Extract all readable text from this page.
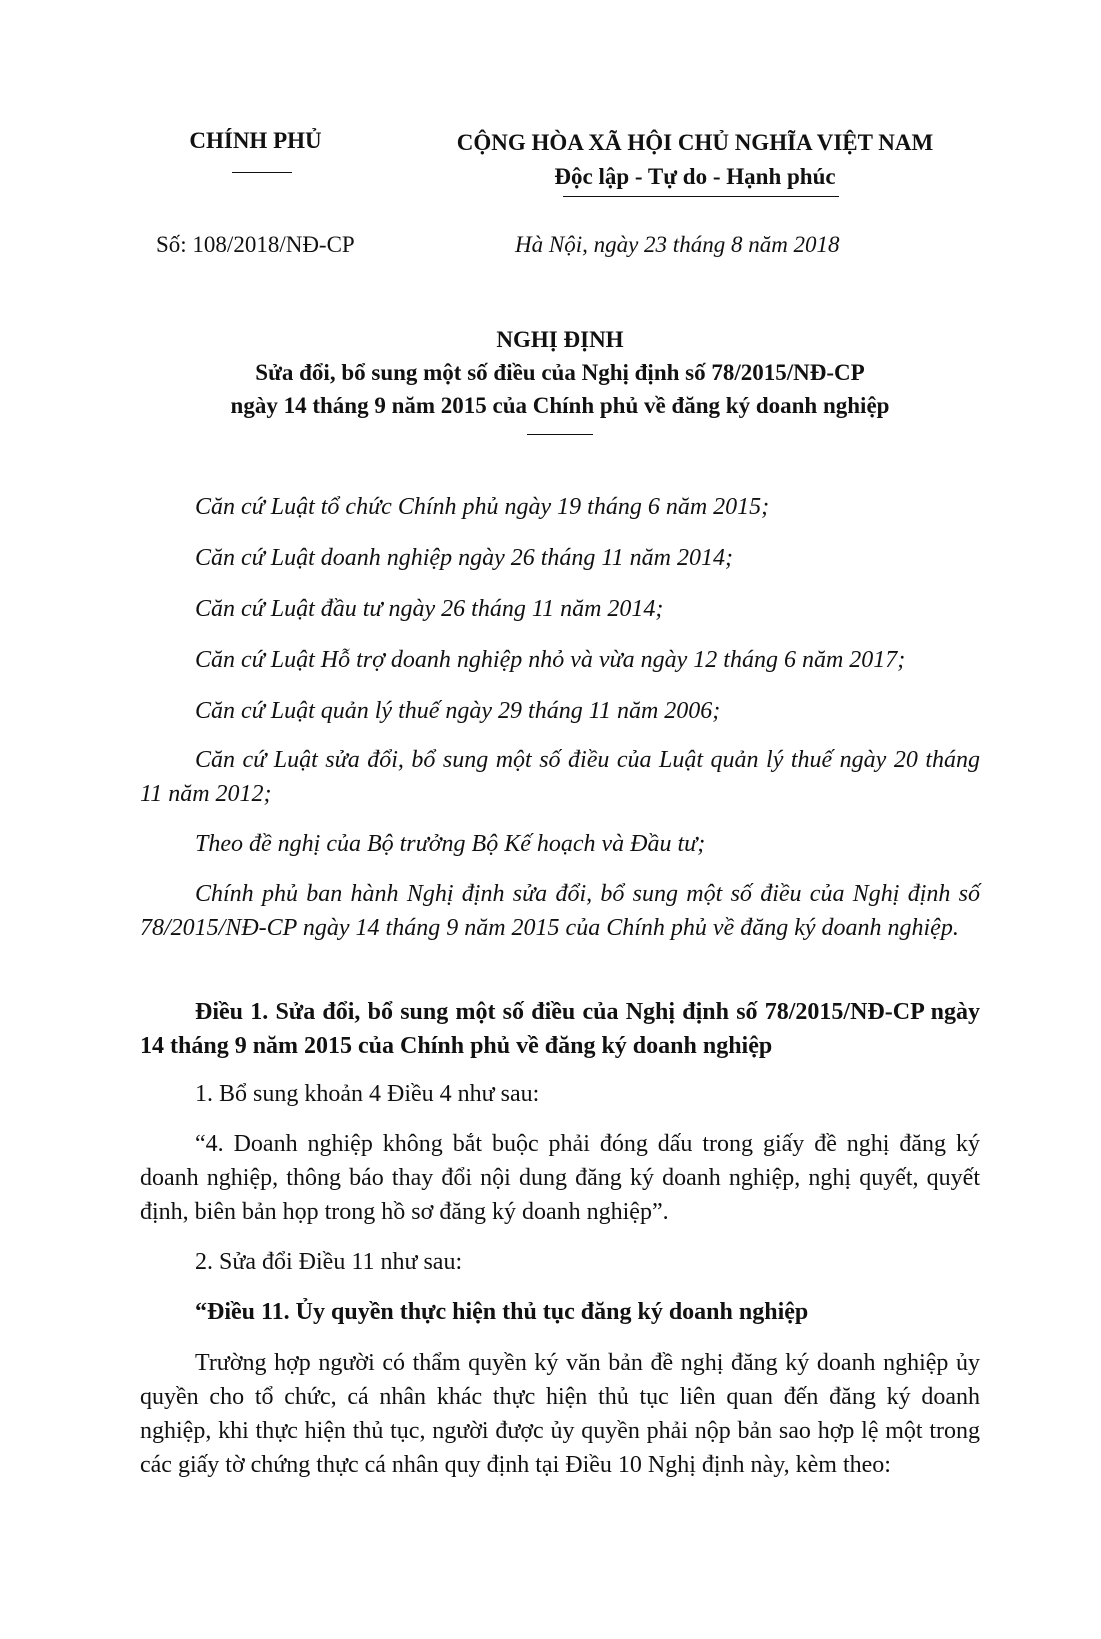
CHÍNH PHỦ	CỘNG HÒA XÃ HỘI CHỦ NGHĨA VIỆT NAM
Độc lập - Tự do - Hạnh phúc
Số: 108/2018/NĐ-CP	Hà Nội, ngày 23 tháng 8 năm 2018
NGHỊ ĐỊNH
Sửa đổi, bổ sung một số điều của Nghị định số 78/2015/NĐ-CP
ngày 14 tháng 9 năm 2015 của Chính phủ về đăng ký doanh nghiệp
Căn cứ Luật tổ chức Chính phủ ngày 19 tháng 6 năm 2015;
Căn cứ Luật doanh nghiệp ngày 26 tháng 11 năm 2014;
Căn cứ Luật đầu tư ngày 26 tháng 11 năm 2014;
Căn cứ Luật Hỗ trợ doanh nghiệp nhỏ và vừa ngày 12 tháng 6 năm 2017;
Căn cứ Luật quản lý thuế ngày 29 tháng 11 năm 2006;
Căn cứ Luật sửa đổi, bổ sung một số điều của Luật quản lý thuế ngày 20 tháng 11 năm 2012;
Theo đề nghị của Bộ trưởng Bộ Kế hoạch và Đầu tư;
Chính phủ ban hành Nghị định sửa đổi, bổ sung một số điều của Nghị định số 78/2015/NĐ-CP ngày 14 tháng 9 năm 2015 của Chính phủ về đăng ký doanh nghiệp.
Điều 1. Sửa đổi, bổ sung một số điều của Nghị định số 78/2015/NĐ-CP ngày 14 tháng 9 năm 2015 của Chính phủ về đăng ký doanh nghiệp
1. Bổ sung khoản 4 Điều 4 như sau:
“4. Doanh nghiệp không bắt buộc phải đóng dấu trong giấy đề nghị đăng ký doanh nghiệp, thông báo thay đổi nội dung đăng ký doanh nghiệp, nghị quyết, quyết định, biên bản họp trong hồ sơ đăng ký doanh nghiệp”.
2. Sửa đổi Điều 11 như sau:
“Điều 11. Ủy quyền thực hiện thủ tục đăng ký doanh nghiệp
Trường hợp người có thẩm quyền ký văn bản đề nghị đăng ký doanh nghiệp ủy quyền cho tổ chức, cá nhân khác thực hiện thủ tục liên quan đến đăng ký doanh nghiệp, khi thực hiện thủ tục, người được ủy quyền phải nộp bản sao hợp lệ một trong các giấy tờ chứng thực cá nhân quy định tại Điều 10 Nghị định này, kèm theo:
